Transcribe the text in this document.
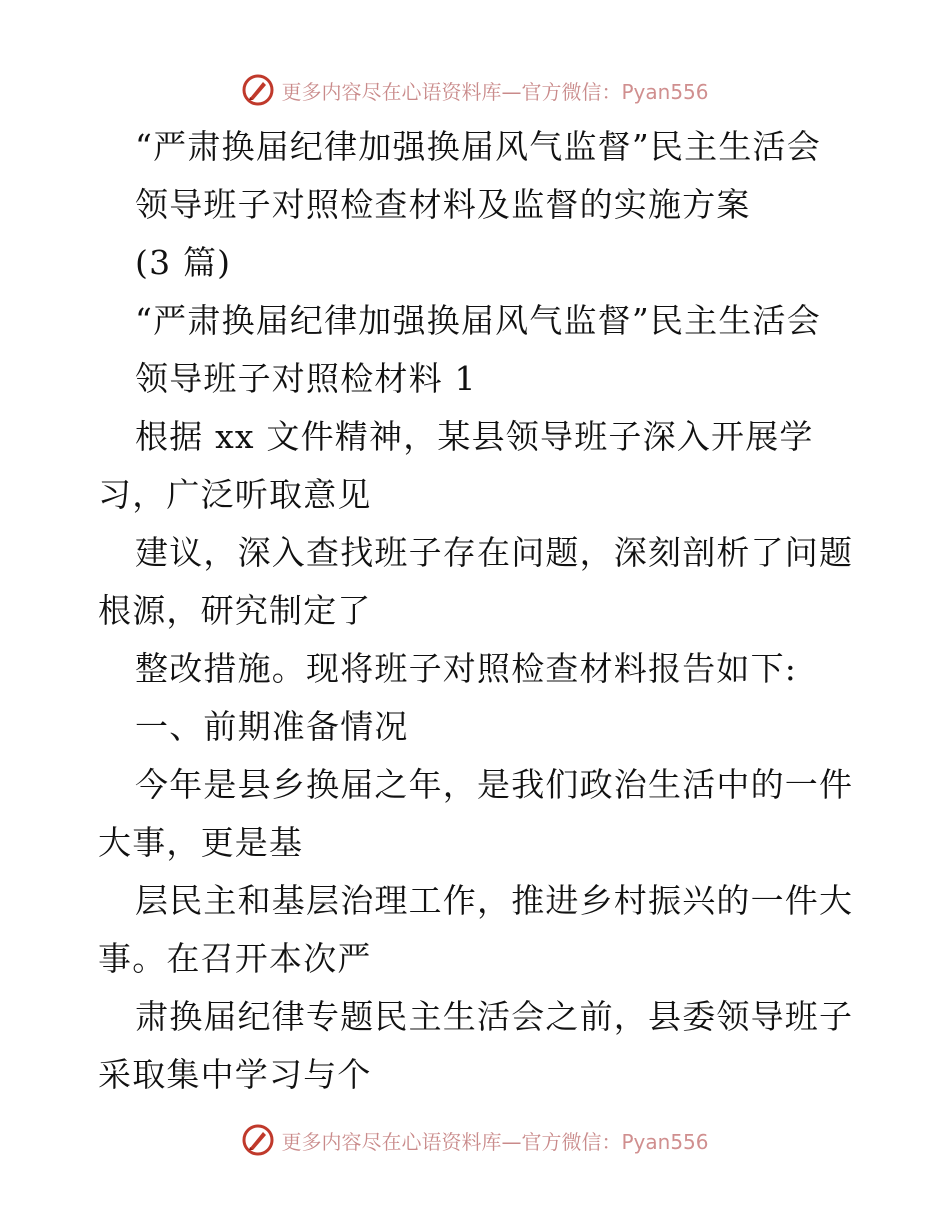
更多内容尽在心语资料库—官方微信：Pyan556
“严肃换届纪律加强换届风气监督”民主生活会
领导班子对照检查材料及监督的实施方案
(3 篇)
“严肃换届纪律加强换届风气监督”民主生活会
领导班子对照检材料 1
根据 xx 文件精神，某县领导班子深入开展学
习，广泛听取意见
建议，深入查找班子存在问题，深刻剖析了问题
根源，研究制定了
整改措施。现将班子对照检查材料报告如下:
一、前期准备情况
今年是县乡换届之年，是我们政治生活中的一件
大事，更是基
层民主和基层治理工作，推进乡村振兴的一件大
事。在召开本次严
肃换届纪律专题民主生活会之前，县委领导班子
采取集中学习与个
更多内容尽在心语资料库—官方微信：Pyan556
